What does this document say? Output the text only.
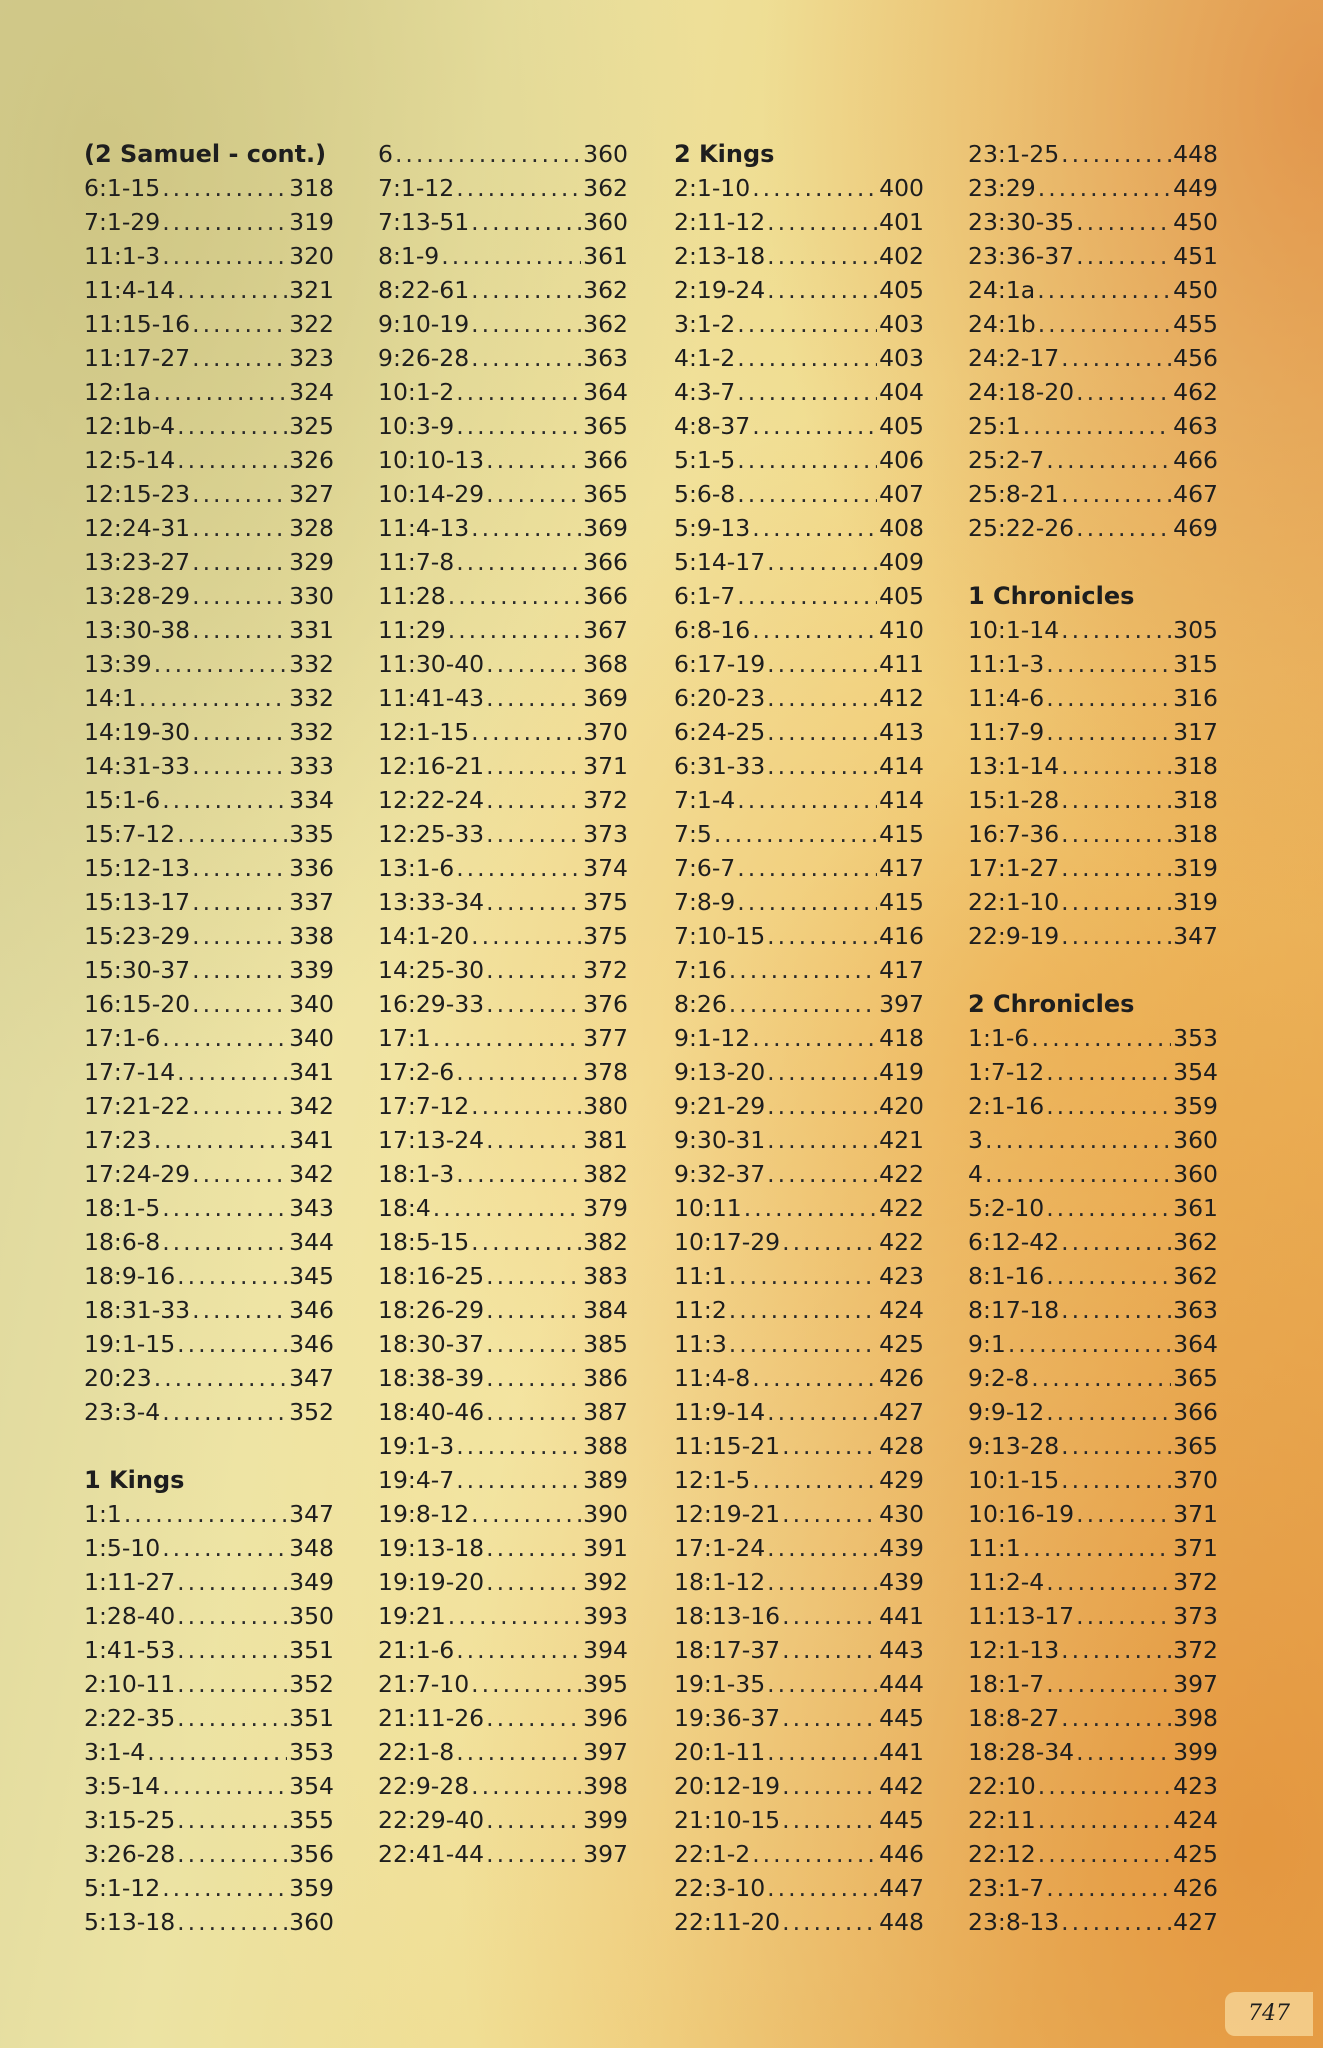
(2 Samuel - cont.)
6:1-15 .....	318
7:1-29 .....	319
11:1-3 .....	320
11:4-14 .....	321
11:15-16 .....	322
11:17-27 .....	323
12:1a .....	324
12:1b-4 .....	325
12:5-14 .....	326
12:15-23 .....	327
12:24-31 .....	328
13:23-27 .....	329
13:28-29 .....	330
13:30-38 .....	331
13:39 .....	332
14:1 .....	332
14:19-30 .....	332
14:31-33 .....	333
15:1-6 .....	334
15:7-12 .....	335
15:12-13 .....	336
15:13-17 .....	337
15:23-29 .....	338
15:30-37 .....	339
16:15-20 .....	340
17:1-6 .....	340
17:7-14 .....	341
17:21-22 .....	342
17:23 .....	341
17:24-29 .....	342
18:1-5 .....	343
18:6-8 .....	344
18:9-16 .....	345
18:31-33 .....	346
19:1-15 .....	346
20:23 .....	347
23:3-4 .....	352
1 Kings
1:1 .....	347
1:5-10 .....	348
1:11-27 .....	349
1:28-40 .....	350
1:41-53 .....	351
2:10-11 .....	352
2:22-35 .....	351
3:1-4 .....	353
3:5-14 .....	354
3:15-25 .....	355
3:26-28 .....	356
5:1-12 .....	359
5:13-18 .....	360
6 .....	360
7:1-12 .....	362
7:13-51 .....	360
8:1-9 .....	361
8:22-61 .....	362
9:10-19 .....	362
9:26-28 .....	363
10:1-2 .....	364
10:3-9 .....	365
10:10-13 .....	366
10:14-29 .....	365
11:4-13 .....	369
11:7-8 .....	366
11:28 .....	366
11:29 .....	367
11:30-40 .....	368
11:41-43 .....	369
12:1-15 .....	370
12:16-21 .....	371
12:22-24 .....	372
12:25-33 .....	373
13:1-6 .....	374
13:33-34 .....	375
14:1-20 .....	375
14:25-30 .....	372
16:29-33 .....	376
17:1 .....	377
17:2-6 .....	378
17:7-12 .....	380
17:13-24 .....	381
18:1-3 .....	382
18:4 .....	379
18:5-15 .....	382
18:16-25 .....	383
18:26-29 .....	384
18:30-37 .....	385
18:38-39 .....	386
18:40-46 .....	387
19:1-3 .....	388
19:4-7 .....	389
19:8-12 .....	390
19:13-18 .....	391
19:19-20 .....	392
19:21 .....	393
21:1-6 .....	394
21:7-10 .....	395
21:11-26 .....	396
22:1-8 .....	397
22:9-28 .....	398
22:29-40 .....	399
22:41-44 .....	397
2 Kings
2:1-10 .....	400
2:11-12 .....	401
2:13-18 .....	402
2:19-24 .....	405
3:1-2 .....	403
4:1-2 .....	403
4:3-7 .....	404
4:8-37 .....	405
5:1-5 .....	406
5:6-8 .....	407
5:9-13 .....	408
5:14-17 .....	409
6:1-7 .....	405
6:8-16 .....	410
6:17-19 .....	411
6:20-23 .....	412
6:24-25 .....	413
6:31-33 .....	414
7:1-4 .....	414
7:5 .....	415
7:6-7 .....	417
7:8-9 .....	415
7:10-15 .....	416
7:16 .....	417
8:26 .....	397
9:1-12 .....	418
9:13-20 .....	419
9:21-29 .....	420
9:30-31 .....	421
9:32-37 .....	422
10:11 .....	422
10:17-29 .....	422
11:1 .....	423
11:2 .....	424
11:3 .....	425
11:4-8 .....	426
11:9-14 .....	427
11:15-21 .....	428
12:1-5 .....	429
12:19-21 .....	430
17:1-24 .....	439
18:1-12 .....	439
18:13-16 .....	441
18:17-37 .....	443
19:1-35 .....	444
19:36-37 .....	445
20:1-11 .....	441
20:12-19 .....	442
21:10-15 .....	445
22:1-2 .....	446
22:3-10 .....	447
22:11-20 .....	448
23:1-25 .....	448
23:29 .....	449
23:30-35 .....	450
23:36-37 .....	451
24:1a .....	450
24:1b .....	455
24:2-17 .....	456
24:18-20 .....	462
25:1 .....	463
25:2-7 .....	466
25:8-21 .....	467
25:22-26 .....	469
1 Chronicles
10:1-14 .....	305
11:1-3 .....	315
11:4-6 .....	316
11:7-9 .....	317
13:1-14 .....	318
15:1-28 .....	318
16:7-36 .....	318
17:1-27 .....	319
22:1-10 .....	319
22:9-19 .....	347
2 Chronicles
1:1-6 .....	353
1:7-12 .....	354
2:1-16 .....	359
3 .....	360
4 .....	360
5:2-10 .....	361
6:12-42 .....	362
8:1-16 .....	362
8:17-18 .....	363
9:1 .....	364
9:2-8 .....	365
9:9-12 .....	366
9:13-28 .....	365
10:1-15 .....	370
10:16-19 .....	371
11:1 .....	371
11:2-4 .....	372
11:13-17 .....	373
12:1-13 .....	372
18:1-7 .....	397
18:8-27 .....	398
18:28-34 .....	399
22:10 .....	423
22:11 .....	424
22:12 .....	425
23:1-7 .....	426
23:8-13 .....	427
747
